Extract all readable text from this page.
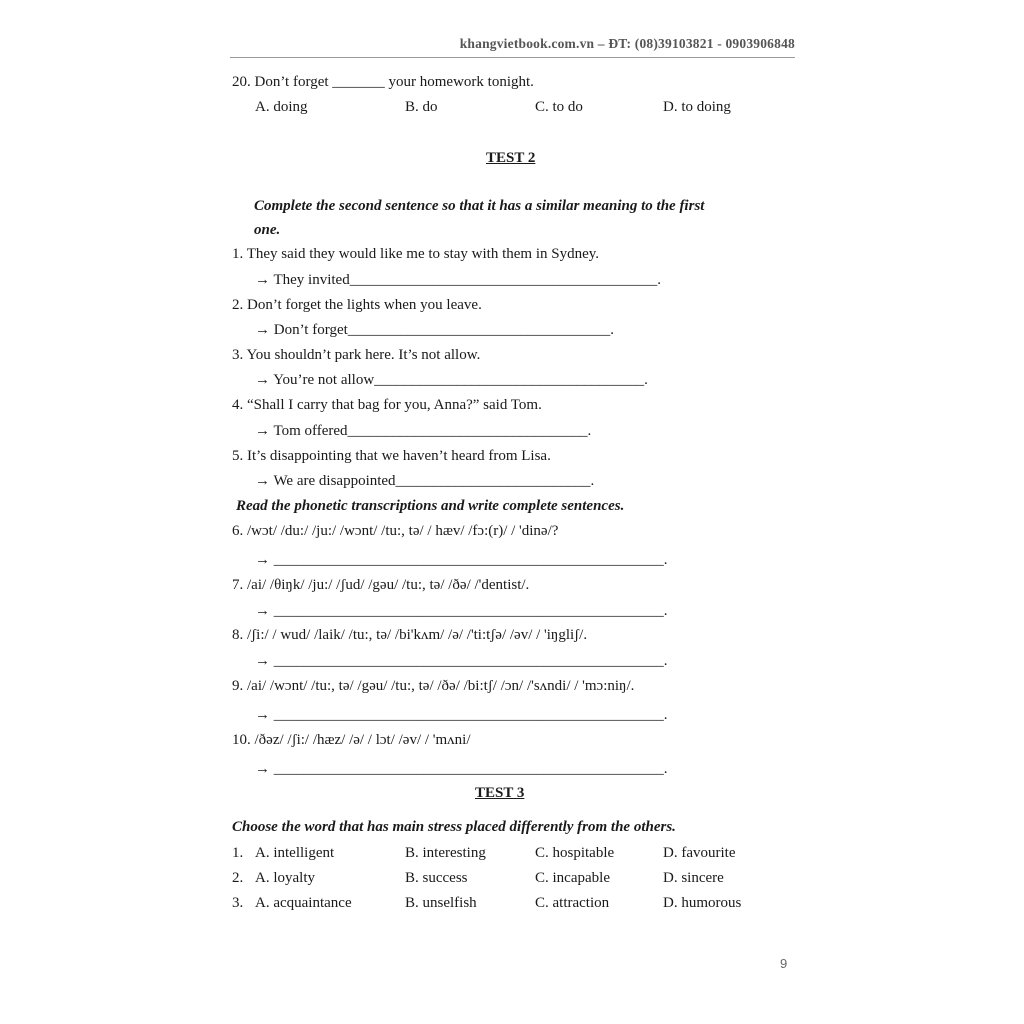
khangvietbook.com.vn – ĐT: (08)39103821 - 0903906848
20. Don’t forget _______ your homework tonight.
A. doing	B. do	C. to do	D. to doing
TEST 2
Complete the second sentence so that it has a similar meaning to the first
one.
1. They said they would like me to stay with them in Sydney.
→ They invited_________________________________________.
2. Don’t forget the lights when you leave.
→ Don’t forget___________________________________.
3. You shouldn’t park here. It’s not allow.
→ You’re not allow____________________________________.
4. “Shall I carry that bag for you, Anna?” said Tom.
→ Tom offered________________________________.
5. It’s disappointing that we haven’t heard from Lisa.
→ We are disappointed__________________________.
Read the phonetic transcriptions and write complete sentences.
6. /wɔt/ /du:/ /ju:/ /wɔnt/ /tu:, tə/ / hæv/ /fɔ:(r)/ / 'dinə/?
→ ____________________________________________________.
7. /ai/ /θiŋk/ /ju:/ /ʃud/ /gəu/ /tu:, tə/ /ðə/ /'dentist/.
→ ____________________________________________________.
8. /ʃi:/ / wud/ /laik/ /tu:, tə/ /bi'kʌm/ /ə/ /'ti:tʃə/ /əv/ / 'iŋgliʃ/.
→ ____________________________________________________.
9. /ai/ /wɔnt/ /tu:, tə/ /gəu/ /tu:, tə/ /ðə/ /bi:tʃ/ /ɔn/ /'sʌndi/ / 'mɔ:niŋ/.
→ ____________________________________________________.
10. /ðəz/ /ʃi:/ /hæz/ /ə/ / lɔt/ /əv/ / 'mʌni/
→ ____________________________________________________.
TEST 3
Choose the word that has main stress placed differently from the others.
1. A. intelligent	B. interesting	C. hospitable	D. favourite
2. A. loyalty	B. success	C. incapable	D. sincere
3. A. acquaintance	B. unselfish	C. attraction	D. humorous
9
